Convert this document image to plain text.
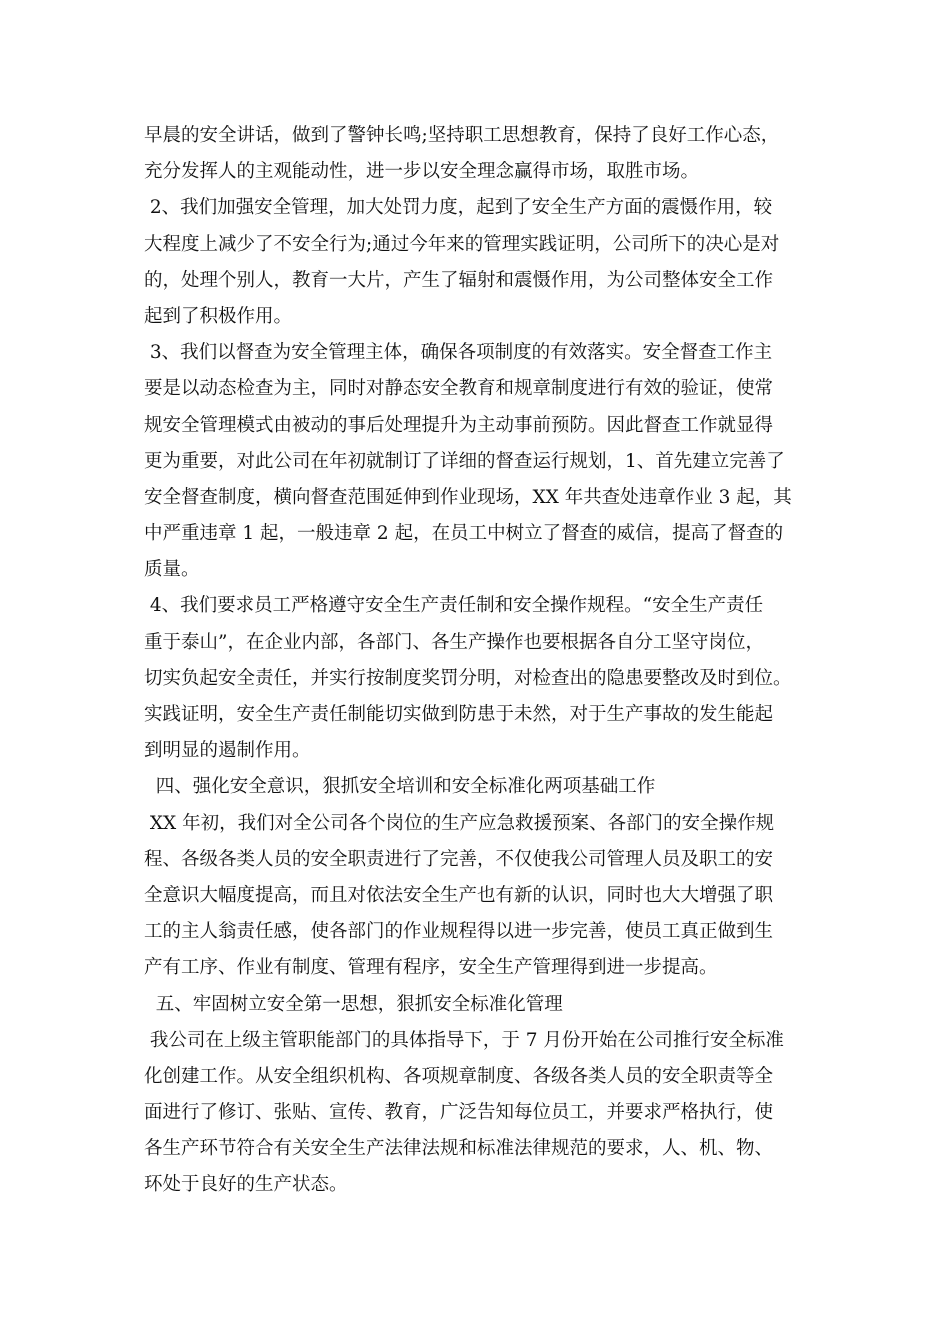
早晨的安全讲话，做到了警钟长鸣;坚持职工思想教育，保持了良好工作心态，
充分发挥人的主观能动性，进一步以安全理念赢得市场，取胜市场。
2、我们加强安全管理，加大处罚力度，起到了安全生产方面的震慑作用，较
大程度上减少了不安全行为;通过今年来的管理实践证明，公司所下的决心是对
的，处理个别人，教育一大片，产生了辐射和震慑作用，为公司整体安全工作
起到了积极作用。
3、我们以督查为安全管理主体，确保各项制度的有效落实。安全督查工作主
要是以动态检查为主，同时对静态安全教育和规章制度进行有效的验证，使常
规安全管理模式由被动的事后处理提升为主动事前预防。因此督查工作就显得
更为重要，对此公司在年初就制订了详细的督查运行规划，1、首先建立完善了
安全督查制度，横向督查范围延伸到作业现场，XX 年共查处违章作业 3 起，其
中严重违章 1 起，一般违章 2 起，在员工中树立了督查的威信，提高了督查的
质量。
4、我们要求员工严格遵守安全生产责任制和安全操作规程。“安全生产责任
重于泰山”，在企业内部，各部门、各生产操作也要根据各自分工坚守岗位，
切实负起安全责任，并实行按制度奖罚分明，对检查出的隐患要整改及时到位。
实践证明，安全生产责任制能切实做到防患于未然，对于生产事故的发生能起
到明显的遏制作用。
四、强化安全意识，狠抓安全培训和安全标准化两项基础工作
XX 年初，我们对全公司各个岗位的生产应急救援预案、各部门的安全操作规
程、各级各类人员的安全职责进行了完善，不仅使我公司管理人员及职工的安
全意识大幅度提高，而且对依法安全生产也有新的认识，同时也大大增强了职
工的主人翁责任感，使各部门的作业规程得以进一步完善，使员工真正做到生
产有工序、作业有制度、管理有程序，安全生产管理得到进一步提高。
五、牢固树立安全第一思想，狠抓安全标准化管理
我公司在上级主管职能部门的具体指导下，于 7 月份开始在公司推行安全标准
化创建工作。从安全组织机构、各项规章制度、各级各类人员的安全职责等全
面进行了修订、张贴、宣传、教育，广泛告知每位员工，并要求严格执行，使
各生产环节符合有关安全生产法律法规和标准法律规范的要求，人、机、物、
环处于良好的生产状态。
